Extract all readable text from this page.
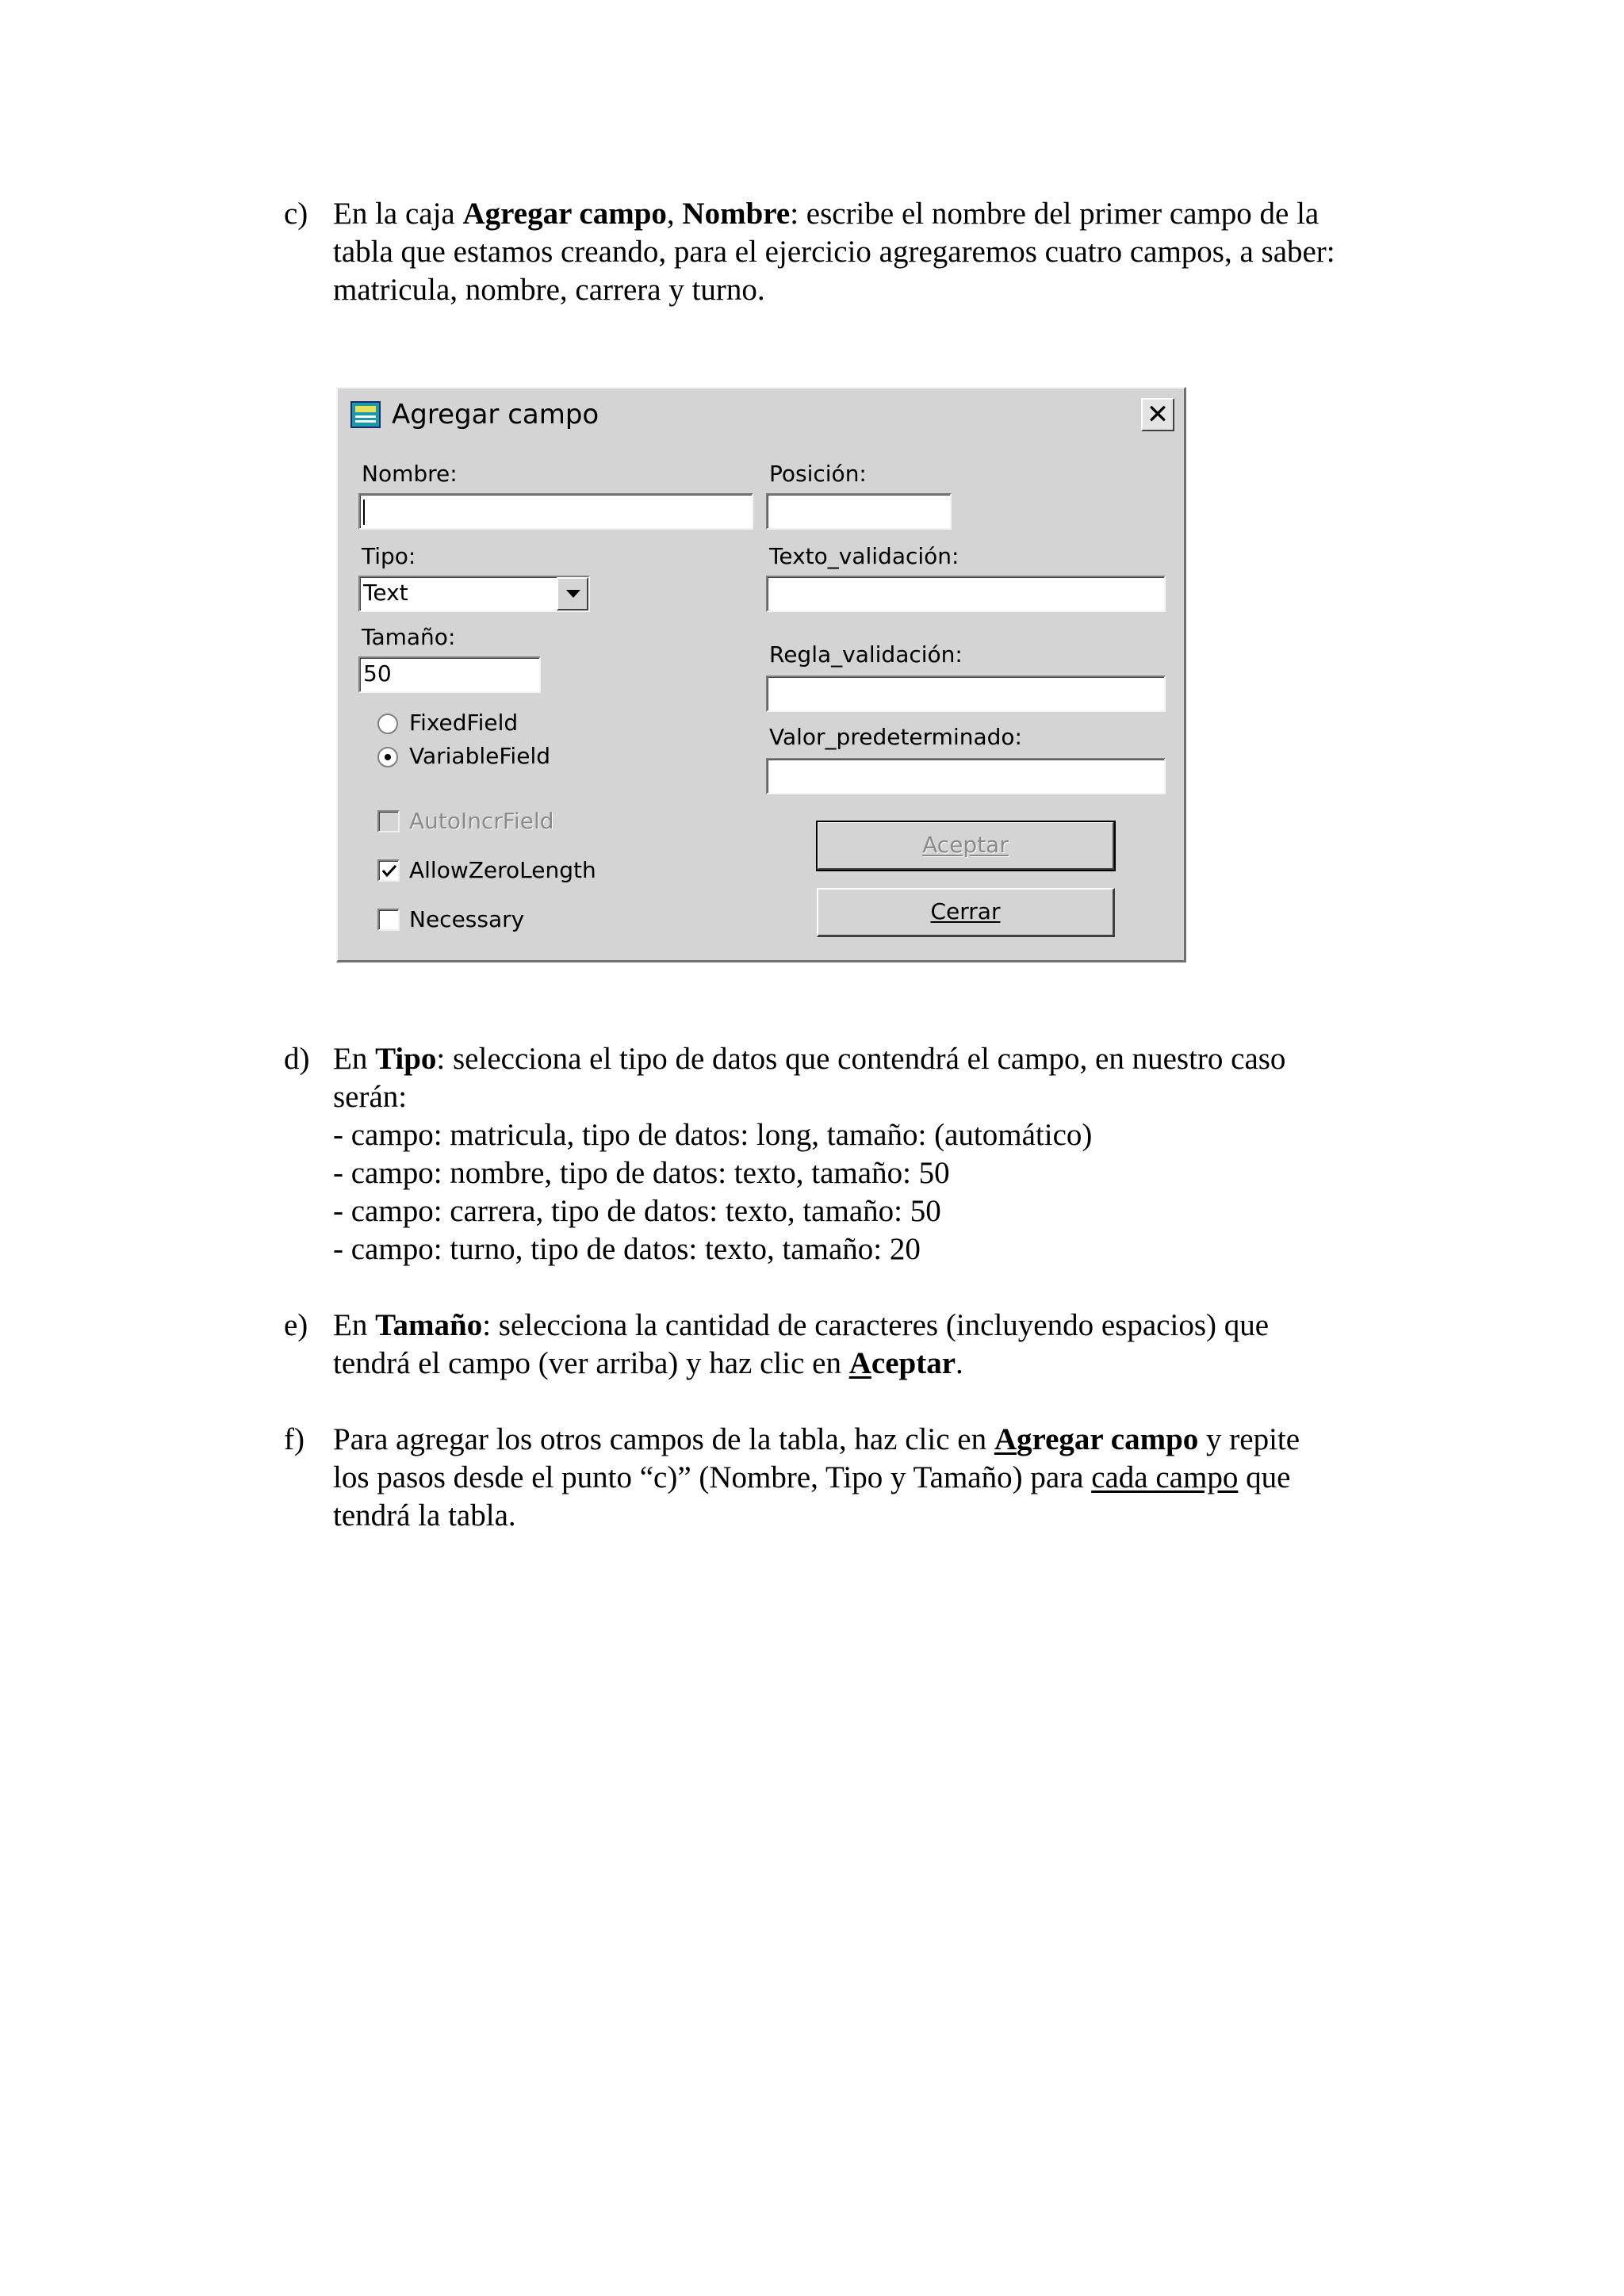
c) En la caja Agregar campo, Nombre: escribe el nombre del primer campo de la
tabla que estamos creando, para el ejercicio agregaremos cuatro campos, a saber:
matricula, nombre, carrera y turno.
Agregar campo	✕
Nombre:
Tipo:
Text
Tamaño:
50
FixedField
VariableField
AutoIncrField
AllowZeroLength
Necessary
Posición:
Texto_validación:
Regla_validación:
Valor_predeterminado:
Aceptar
Cerrar
d) En Tipo: selecciona el tipo de datos que contendrá el campo, en nuestro caso
serán:
- campo: matricula, tipo de datos: long, tamaño: (automático)
- campo: nombre, tipo de datos: texto, tamaño: 50
- campo: carrera, tipo de datos: texto, tamaño: 50
- campo: turno, tipo de datos: texto, tamaño: 20
e) En Tamaño: selecciona la cantidad de caracteres (incluyendo espacios) que
tendrá el campo (ver arriba) y haz clic en Aceptar.
f) Para agregar los otros campos de la tabla, haz clic en Agregar campo y repite
los pasos desde el punto “c)” (Nombre, Tipo y Tamaño) para cada campo que
tendrá la tabla.
